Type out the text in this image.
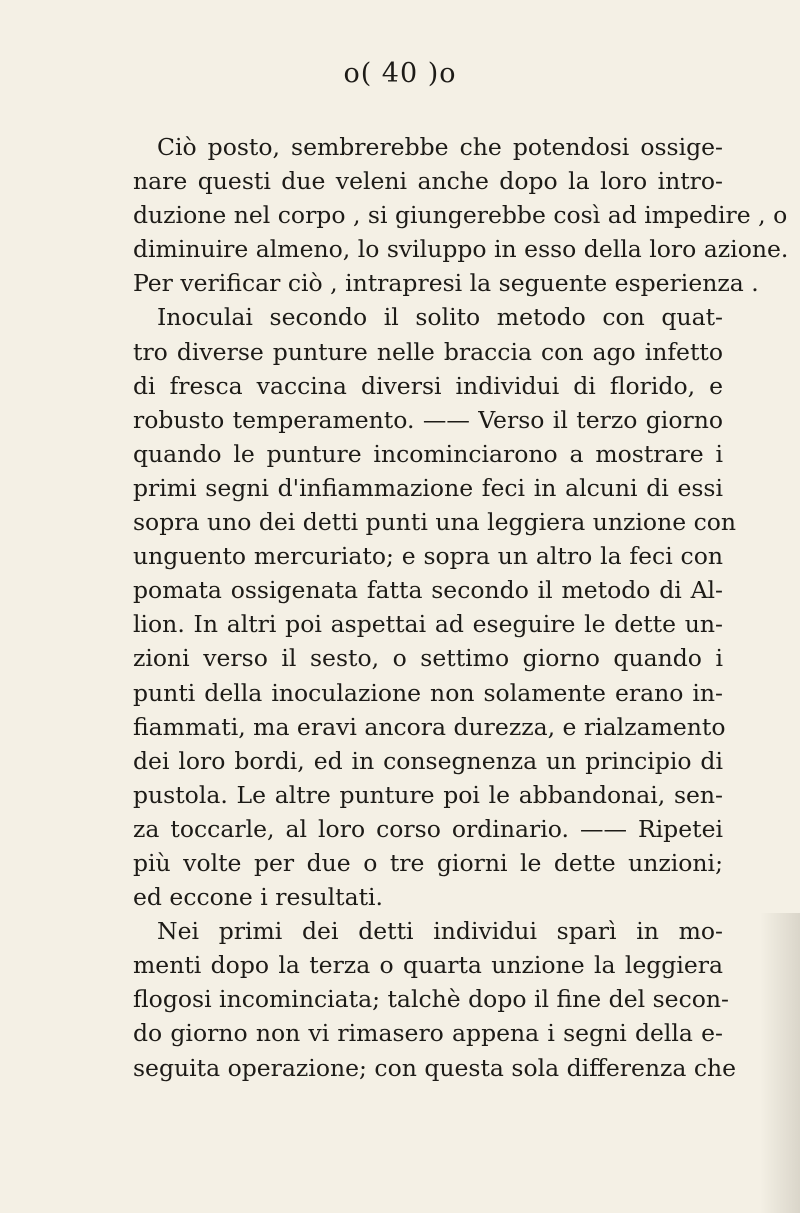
o( 40 )o
Ciò posto, sembrerebbe che potendosi ossige-
nare questi due veleni anche dopo la loro intro-
duzione nel corpo , si giungerebbe così ad impedire , o
diminuire almeno, lo sviluppo in esso della loro azione.
Per verificar ciò , intrapresi la seguente esperienza .
Inoculai secondo il solito metodo con quat-
tro diverse punture nelle braccia con ago infetto
di fresca vaccina diversi individui di florido, e
robusto temperamento. —— Verso il terzo giorno
quando le punture incominciarono a mostrare i
primi segni d'infiammazione feci in alcuni di essi
sopra uno dei detti punti una leggiera unzione con
unguento mercuriato; e sopra un altro la feci con
pomata ossigenata fatta secondo il metodo di Al-
lion. In altri poi aspettai ad eseguire le dette un-
zioni verso il sesto, o settimo giorno quando i
punti della inoculazione non solamente erano in-
fiammati, ma eravi ancora durezza, e rialzamento
dei loro bordi, ed in consegnenza un principio di
pustola. Le altre punture poi le abbandonai, sen-
za toccarle, al loro corso ordinario. —— Ripetei
più volte per due o tre giorni le dette unzioni;
ed eccone i resultati.
Nei primi dei detti individui sparì in mo-
menti dopo la terza o quarta unzione la leggiera
flogosi incominciata; talchè dopo il fine del secon-
do giorno non vi rimasero appena i segni della e-
seguita operazione; con questa sola differenza che
